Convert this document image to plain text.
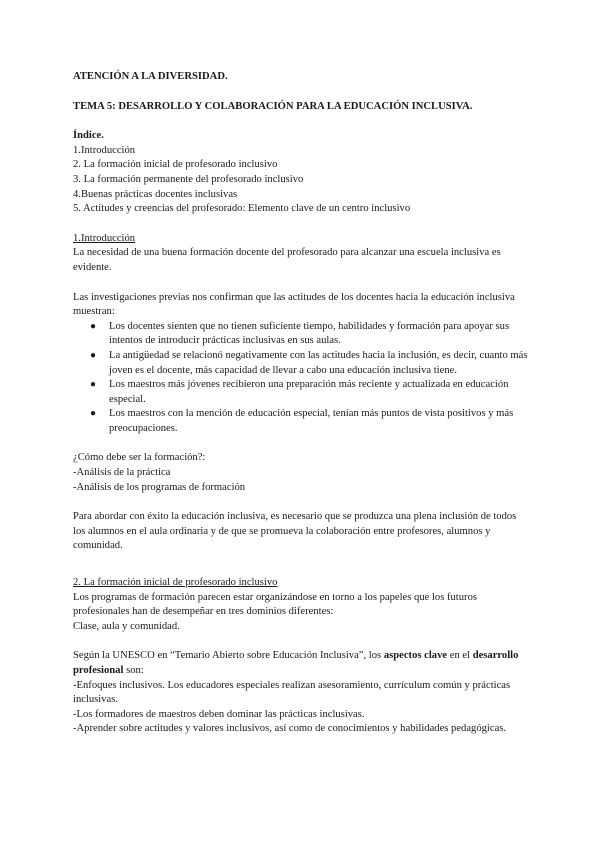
ATENCIÓN A LA DIVERSIDAD.

TEMA 5: DESARROLLO Y COLABORACIÓN PARA LA EDUCACIÓN INCLUSIVA.

Índice.

1.Introducción

2. La formación inicial de profesorado inclusivo

3. La formación permanente del profesorado inclusivo

4.Buenas prácticas docentes inclusivas

5. Actitudes y creencias del profesorado: Elemento clave de un centro inclusivo

1.Introducción

La necesidad de una buena formación docente del profesorado para alcanzar una escuela inclusiva es evidente.

Las investigaciones previas nos confirman que las actitudes de los docentes hacia la educación inclusiva muestran:

● Los docentes sienten que no tienen suficiente tiempo, habilidades y formación para apoyar sus intentos de introducir prácticas inclusivas en sus aulas.
● La antigüedad se relacionó negativamente con las actitudes hacia la inclusión, es decir, cuanto más joven es el docente, más capacidad de llevar a cabo una educación inclusiva tiene.
● Los maestros más jóvenes recibieron una preparación más reciente y actualizada en educación especial.
● Los maestros con la mención de educación especial, tenían más puntos de vista positivos y más preocupaciones.

¿Cómo debe ser la formación?:

-Análisis de la práctica

-Análisis de los programas de formación

Para abordar con éxito la educación inclusiva, es necesario que se produzca una plena inclusión de todos los alumnos en el aula ordinaria y de que se promueva la colaboración entre profesores, alumnos y comunidad.

2. La formación inicial de profesorado inclusivo

Los programas de formación parecen estar organizándose en torno a los papeles que los futuros profesionales han de desempeñar en tres dominios diferentes:

Clase, aula y comunidad.

Según la UNESCO en “Temario Abierto sobre Educación Inclusiva”, los aspectos clave en el desarrollo profesional son:

-Enfoques inclusivos. Los educadores especiales realizan asesoramiento, currículum común y prácticas inclusivas.

-Los formadores de maestros deben dominar las prácticas inclusivas.

-Aprender sobre actitudes y valores inclusivos, así como de conocimientos y habilidades pedagógicas.
